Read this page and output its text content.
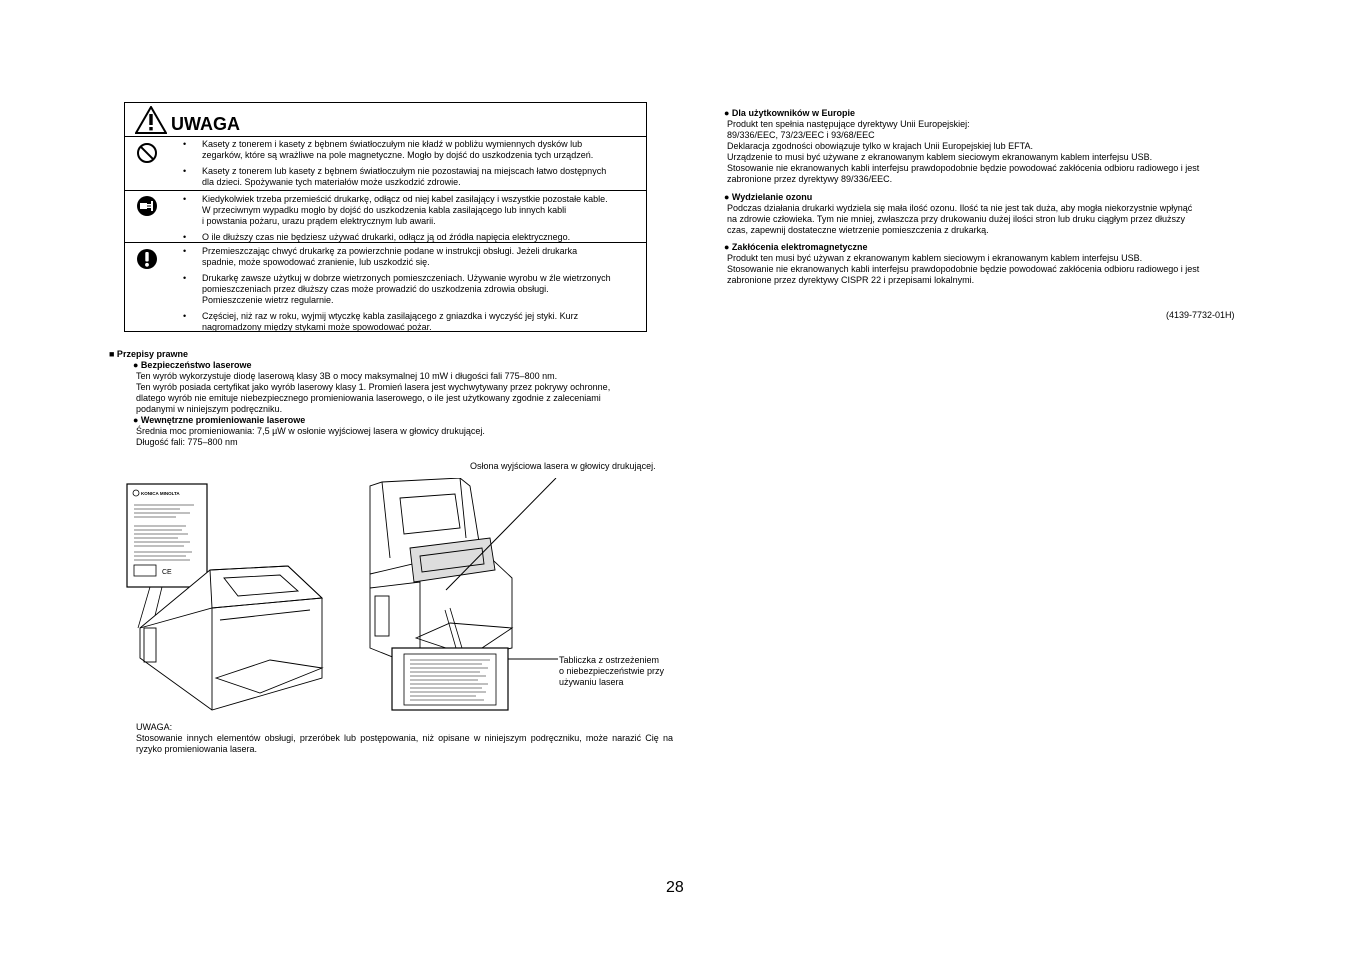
UWAGA
• Kasety z tonerem i kasety z bębnem światłoczułym nie kładź w pobliżu wymiennych dysków lub
zegarków, które są wrażliwe na pole magnetyczne. Mogło by dojść do uszkodzenia tych urządzeń.
• Kasety z tonerem lub kasety z bębnem światłoczułym nie pozostawiaj na miejscach łatwo dostępnych
dla dzieci. Spożywanie tych materiałów może uszkodzić zdrowie.
• Kiedykolwiek trzeba przemieścić drukarkę, odłącz od niej kabel zasilający i wszystkie pozostałe kable.
W przeciwnym wypadku mogło by dojść do uszkodzenia kabla zasilającego lub innych kabli
i powstania pożaru, urazu prądem elektrycznym lub awarii.
• O ile dłuższy czas nie będziesz używać drukarki, odłącz ją od źródła napięcia elektrycznego.
• Przemieszczając chwyć drukarkę za powierzchnie podane w instrukcji obsługi. Jeżeli drukarka
spadnie, może spowodować zranienie, lub uszkodzić się.
• Drukarkę zawsze użytkuj w dobrze wietrzonych pomieszczeniach. Używanie wyrobu w źle wietrzonych
pomieszczeniach przez dłuższy czas może prowadzić do uszkodzenia zdrowia obsługi.
Pomieszczenie wietrz regularnie.
• Częściej, niż raz w roku, wyjmij wtyczkę kabla zasilającego z gniazdka i wyczyść jej styki. Kurz
nagromadzony między stykami może spowodować pożar.
■ Przepisy prawne
● Bezpieczeństwo laserowe
Ten wyrób wykorzystuje diodę laserową klasy 3B o mocy maksymalnej 10 mW i długości fali 775–800 nm.
Ten wyrób posiada certyfikat jako wyrób laserowy klasy 1. Promień lasera jest wychwytywany przez pokrywy ochronne,
dlatego wyrób nie emituje niebezpiecznego promieniowania laserowego, o ile jest użytkowany zgodnie z zaleceniami
podanymi w niniejszym podręczniku.
● Wewnętrzne promieniowanie laserowe
Średnia moc promieniowania: 7,5 µW w osłonie wyjściowej lasera w głowicy drukującej.
Długość fali: 775–800 nm
Osłona wyjściowa lasera w głowicy drukującej.
Tabliczka z ostrzeżeniem
o niebezpieczeństwie przy
używaniu lasera
KONICA MINOLTA
CE
UWAGA:
Stosowanie innych elementów obsługi, przeróbek lub postępowania, niż opisane w niniejszym podręczniku, może narazić Cię na ryzyko promieniowania lasera.
● Dla użytkowników w Europie
Produkt ten spełnia następujące dyrektywy Unii Europejskiej:
89/336/EEC, 73/23/EEC i 93/68/EEC
Deklaracja zgodności obowiązuje tylko w krajach Unii Europejskiej lub EFTA.
Urządzenie to musi być używane z ekranowanym kablem sieciowym ekranowanym kablem interfejsu USB.
Stosowanie nie ekranowanych kabli interfejsu prawdopodobnie będzie powodować zakłócenia odbioru radiowego i jest
zabronione przez dyrektywy 89/336/EEC.
● Wydzielanie ozonu
Podczas działania drukarki wydziela się mała ilość ozonu. Ilość ta nie jest tak duża, aby mogła niekorzystnie wpłynąć
na zdrowie człowieka. Tym nie mniej, zwłaszcza przy drukowaniu dużej ilości stron lub druku ciągłym przez dłuższy
czas, zapewnij dostateczne wietrzenie pomieszczenia z drukarką.
● Zakłócenia elektromagnetyczne
Produkt ten musi być używan z ekranowanym kablem sieciowym i ekranowanym kablem interfejsu USB.
Stosowanie nie ekranowanych kabli interfejsu prawdopodobnie będzie powodować zakłócenia odbioru radiowego i jest
zabronione przez dyrektywy CISPR 22 i przepisami lokalnymi.
(4139-7732-01H)
28
